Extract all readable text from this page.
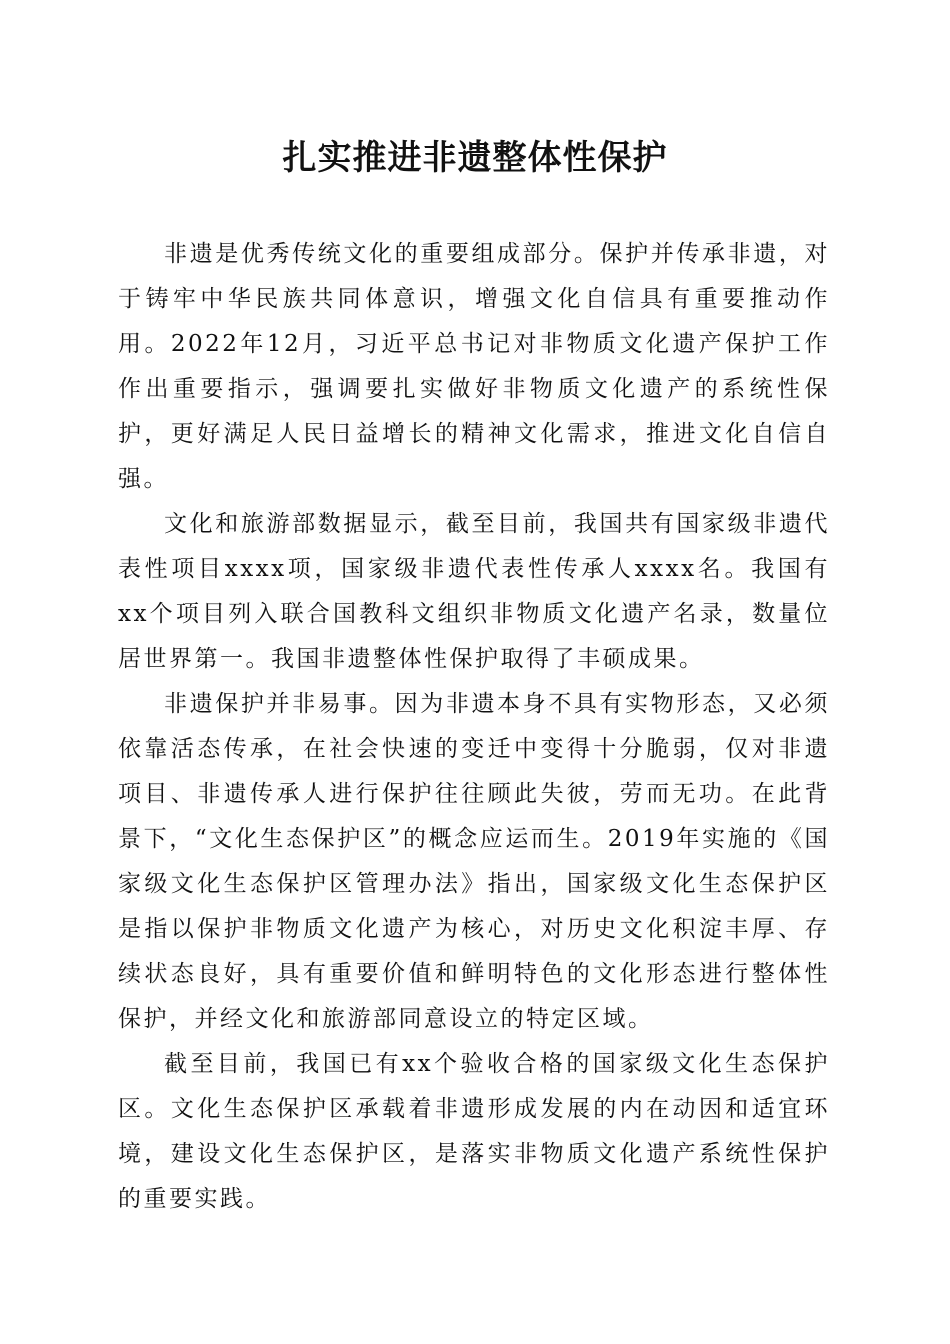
扎实推进非遗整体性保护

非遗是优秀传统文化的重要组成部分。保护并传承非遗，对于铸牢中华民族共同体意识，增强文化自信具有重要推动作用。2022年12月，习近平总书记对非物质文化遗产保护工作作出重要指示，强调要扎实做好非物质文化遗产的系统性保护，更好满足人民日益增长的精神文化需求，推进文化自信自强。

文化和旅游部数据显示，截至目前，我国共有国家级非遗代表性项目xxxx项，国家级非遗代表性传承人xxxx名。我国有xx个项目列入联合国教科文组织非物质文化遗产名录，数量位居世界第一。我国非遗整体性保护取得了丰硕成果。

非遗保护并非易事。因为非遗本身不具有实物形态，又必须依靠活态传承，在社会快速的变迁中变得十分脆弱，仅对非遗项目、非遗传承人进行保护往往顾此失彼，劳而无功。在此背景下，“文化生态保护区”的概念应运而生。2019年实施的《国家级文化生态保护区管理办法》指出，国家级文化生态保护区是指以保护非物质文化遗产为核心，对历史文化积淀丰厚、存续状态良好，具有重要价值和鲜明特色的文化形态进行整体性保护，并经文化和旅游部同意设立的特定区域。

截至目前，我国已有xx个验收合格的国家级文化生态保护区。文化生态保护区承载着非遗形成发展的内在动因和适宜环境，建设文化生态保护区，是落实非物质文化遗产系统性保护的重要实践。
